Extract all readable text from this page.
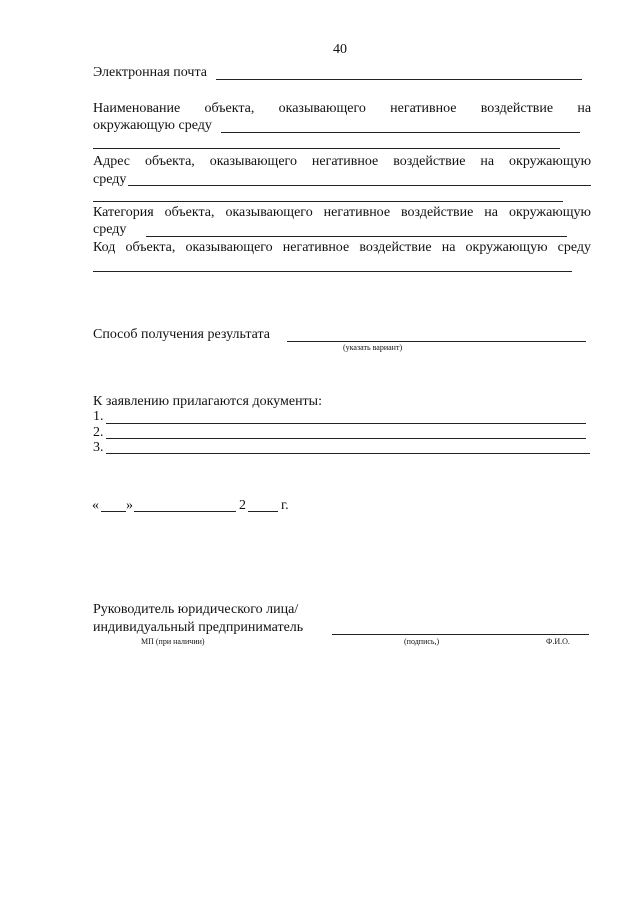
40
Электронная почта
Наименование объекта, оказывающего негативное воздействие на
окружающую среду
Адрес объекта, оказывающего негативное воздействие на окружающую
среду
Категория объекта, оказывающего негативное воздействие на окружающую
среду
Код объекта, оказывающего негативное воздействие на окружающую среду
Способ получения результата
(указать вариант)
К заявлению прилагаются документы:
1.
2.
3.
« »	2	г.
Руководитель юридического лица/
индивидуальный предприниматель
МП (при наличии)	(подпись,)	Ф.И.О.
